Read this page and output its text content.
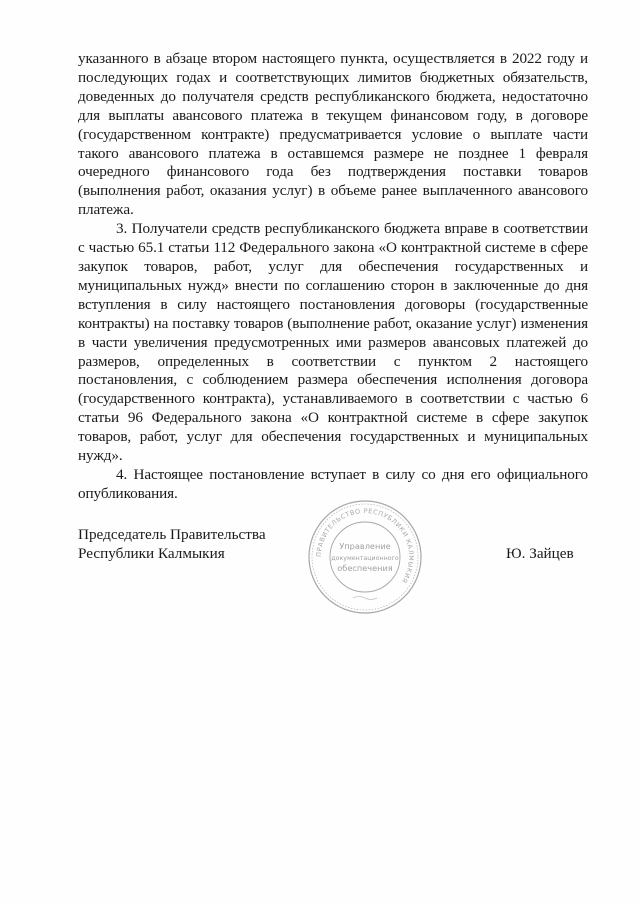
указанного в абзаце втором настоящего пункта, осуществляется в 2022 году и последующих годах и соответствующих лимитов бюджетных обязательств, доведенных до получателя средств республиканского бюджета, недостаточно для выплаты авансового платежа в текущем финансовом году, в договоре (государственном контракте) предусматривается условие о выплате части такого авансового платежа в оставшемся размере не позднее 1 февраля очередного финансового года без подтверждения поставки товаров (выполнения работ, оказания услуг) в объеме ранее выплаченного авансового платежа.

3. Получатели средств республиканского бюджета вправе в соответствии с частью 65.1 статьи 112 Федерального закона «О контрактной системе в сфере закупок товаров, работ, услуг для обеспечения государственных и муниципальных нужд» внести по соглашению сторон в заключенные до дня вступления в силу настоящего постановления договоры (государственные контракты) на поставку товаров (выполнение работ, оказание услуг) изменения в части увеличения предусмотренных ими размеров авансовых платежей до размеров, определенных в соответствии с пунктом 2 настоящего постановления, с соблюдением размера обеспечения исполнения договора (государственного контракта), устанавливаемого в соответствии с частью 6 статьи 96 Федерального закона «О контрактной системе в сфере закупок товаров, работ, услуг для обеспечения государственных и муниципальных нужд».

4. Настоящее постановление вступает в силу со дня его официального опубликования.

Председатель Правительства
Республики Калмыкия	ПРАВИТЕЛЬСТВО РЕСПУБЛИКИ КАЛМЫКИЯ
Управление
документационного
обеспечения
Ю. Зайцев
